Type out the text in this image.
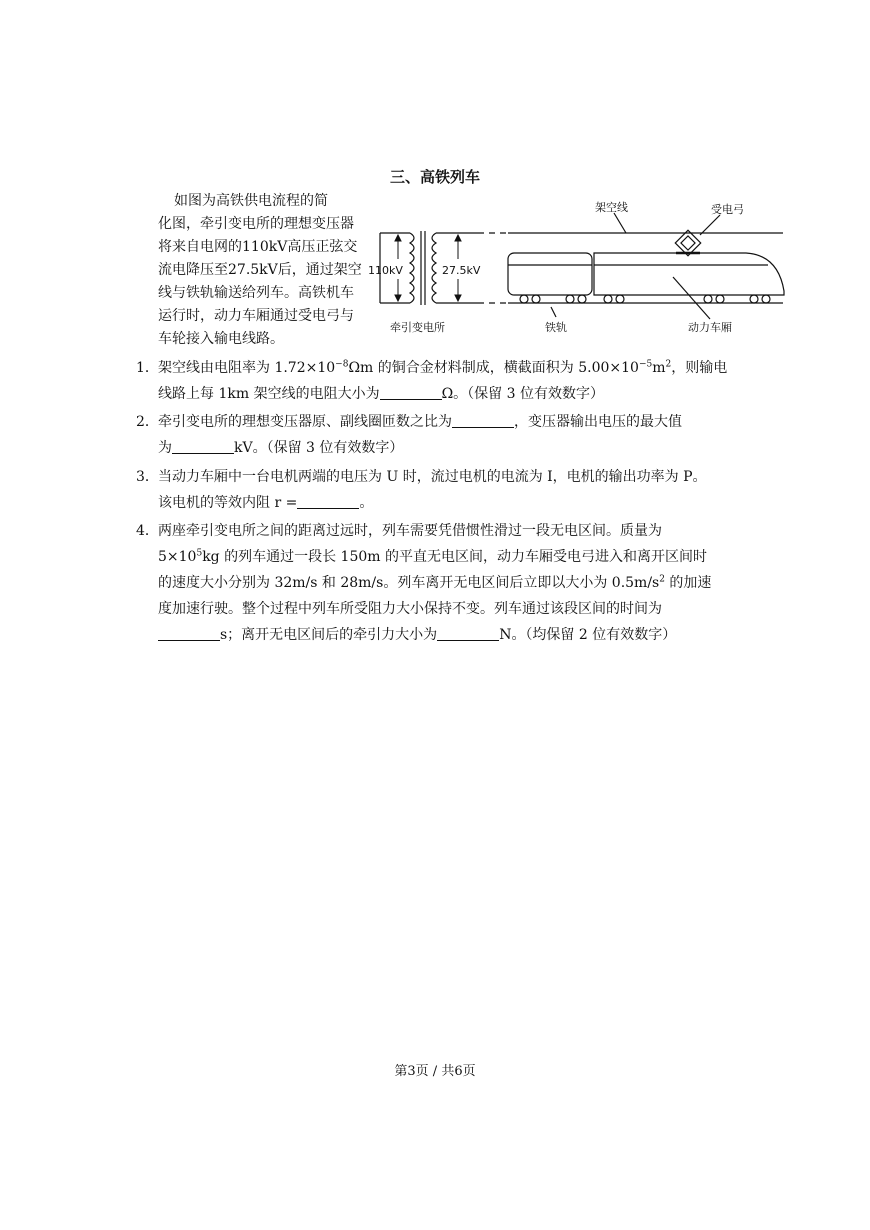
三、高铁列车

如图为高铁供电流程的简

化图，牵引变电所的理想变压器

将来自电网的110kV高压正弦交

流电降压至27.5kV后，通过架空

线与铁轨输送给列车。高铁机车

运行时，动力车厢通过受电弓与

车轮接入输电线路。

110kV	27.5kV
架空线	受电弓
牵引变电所	铁轨	动力车厢
1．架空线由电阻率为 $1.72\times 10^{-8}\Omega m$ 的铜合金材料制成，横截面积为 $5.00\times 10^{-5}m^2$，则输电
线路上每 1km 架空线的电阻大小为	Ω。（保留 3 位有效数字）
2．牵引变电所的理想变压器原、副线圈匝数之比为	，变压器输出电压的最大值
为	kV。（保留 3 位有效数字）
3．当动力车厢中一台电机两端的电压为 U 时，流过电机的电流为 I，电机的输出功率为 P。
该电机的等效内阻 r =	。
4．两座牵引变电所之间的距离过远时，列车需要凭借惯性滑过一段无电区间。质量为
$5\times 10^5kg$ 的列车通过一段长 150m 的平直无电区间，动力车厢受电弓进入和离开区间时
的速度大小分别为 32m/s 和 28m/s。列车离开无电区间后立即以大小为 $0.5m/s^2$ 的加速
度加速行驶。整个过程中列车所受阻力大小保持不变。列车通过该段区间的时间为
s；离开无电区间后的牵引力大小为	N。（均保留 2 位有效数字）
第3页 / 共6页
